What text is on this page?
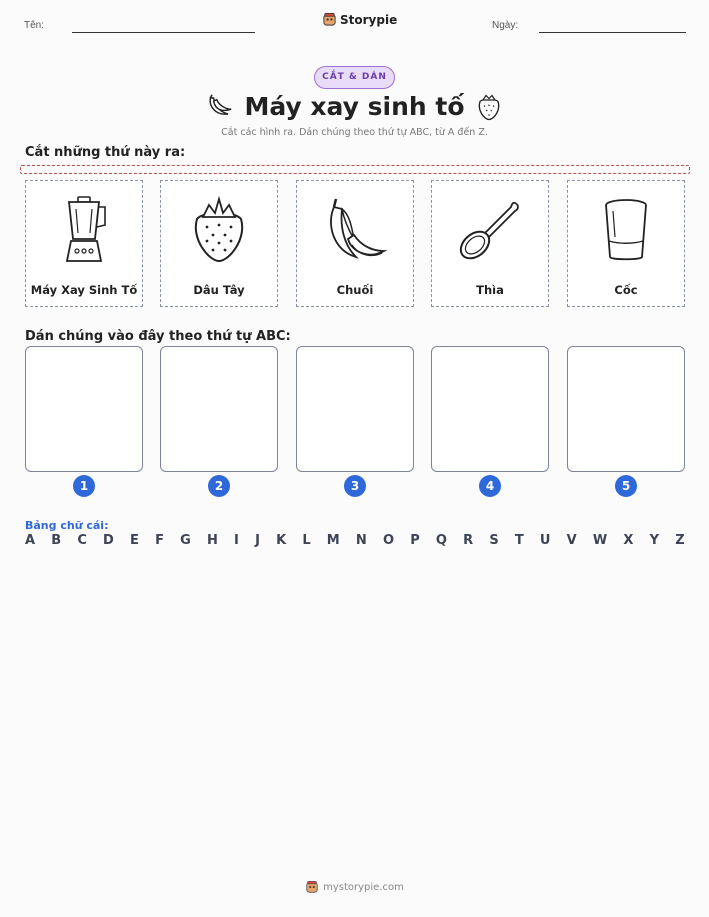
Tên:	Storypie	Ngày:
CẮT & DÁN
Máy xay sinh tố
Cắt các hình ra. Dán chúng theo thứ tự ABC, từ A đến Z.
Cắt những thứ này ra:
Máy Xay Sinh Tố	Dâu Tây	Chuối	Thìa	Cốc
Dán chúng vào đây theo thứ tự ABC:
1	2	3	4	5
Bảng chữ cái:
A B C D E F G H I J K L M N O P Q R S T U V W X Y Z
mystorypie.com
